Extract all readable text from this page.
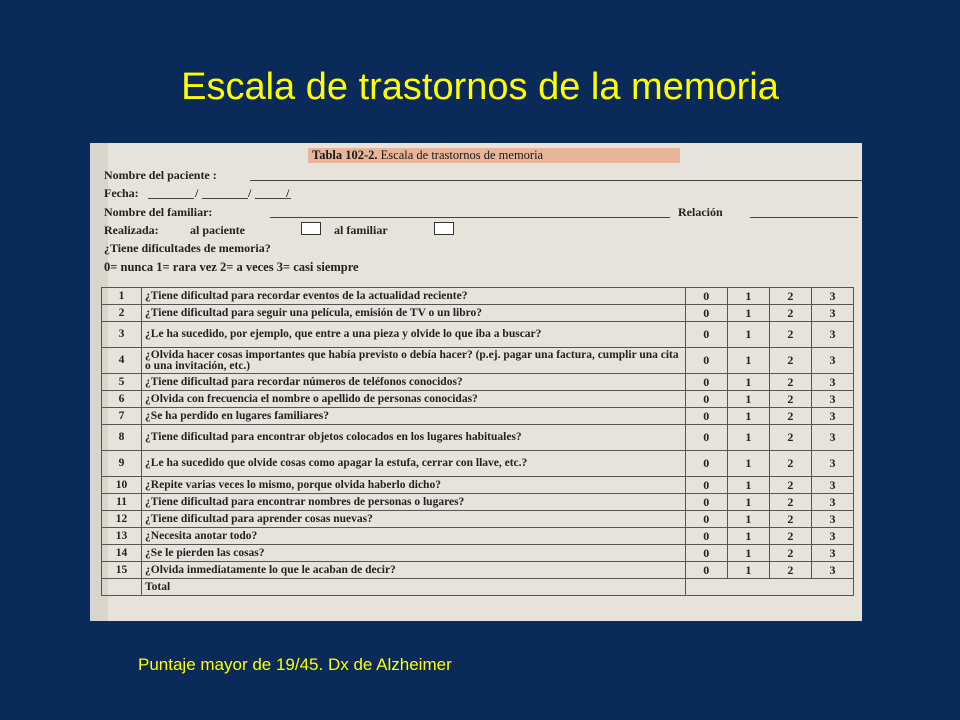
Escala de trastornos de la memoria
Tabla 102-2. Escala de trastornos de memoria
Nombre del paciente :
Fecha:	/	/	/
Nombre del familiar:	Relación
Realizada:	al paciente	al familiar
¿Tiene dificultades de memoria?
0= nunca 1= rara vez 2= a veces 3= casi siempre
1	¿Tiene dificultad para recordar eventos de la actualidad reciente?	0	1	2	3
2	¿Tiene dificultad para seguir una película, emisión de TV o un libro?	0	1	2	3
3	¿Le ha sucedido, por ejemplo, que entre a una pieza y olvide lo que iba a buscar?	0	1	2	3
4	¿Olvida hacer cosas importantes que había previsto o debía hacer? (p.ej. pagar una factura, cumplir una cita o una invitación, etc.)	0	1	2	3
5	¿Tiene dificultad para recordar números de teléfonos conocidos?	0	1	2	3
6	¿Olvida con frecuencia el nombre o apellido de personas conocidas?	0	1	2	3
7	¿Se ha perdido en lugares familiares?	0	1	2	3
8	¿Tiene dificultad para encontrar objetos colocados en los lugares habituales?	0	1	2	3
9	¿Le ha sucedido que olvide cosas como apagar la estufa, cerrar con llave, etc.?	0	1	2	3
10	¿Repite varias veces lo mismo, porque olvida haberlo dicho?	0	1	2	3
11	¿Tiene dificultad para encontrar nombres de personas o lugares?	0	1	2	3
12	¿Tiene dificultad para aprender cosas nuevas?	0	1	2	3
13	¿Necesita anotar todo?	0	1	2	3
14	¿Se le pierden las cosas?	0	1	2	3
15	¿Olvida inmediatamente lo que le acaban de decir?	0	1	2	3
	Total				
Puntaje mayor de 19/45. Dx de Alzheimer
